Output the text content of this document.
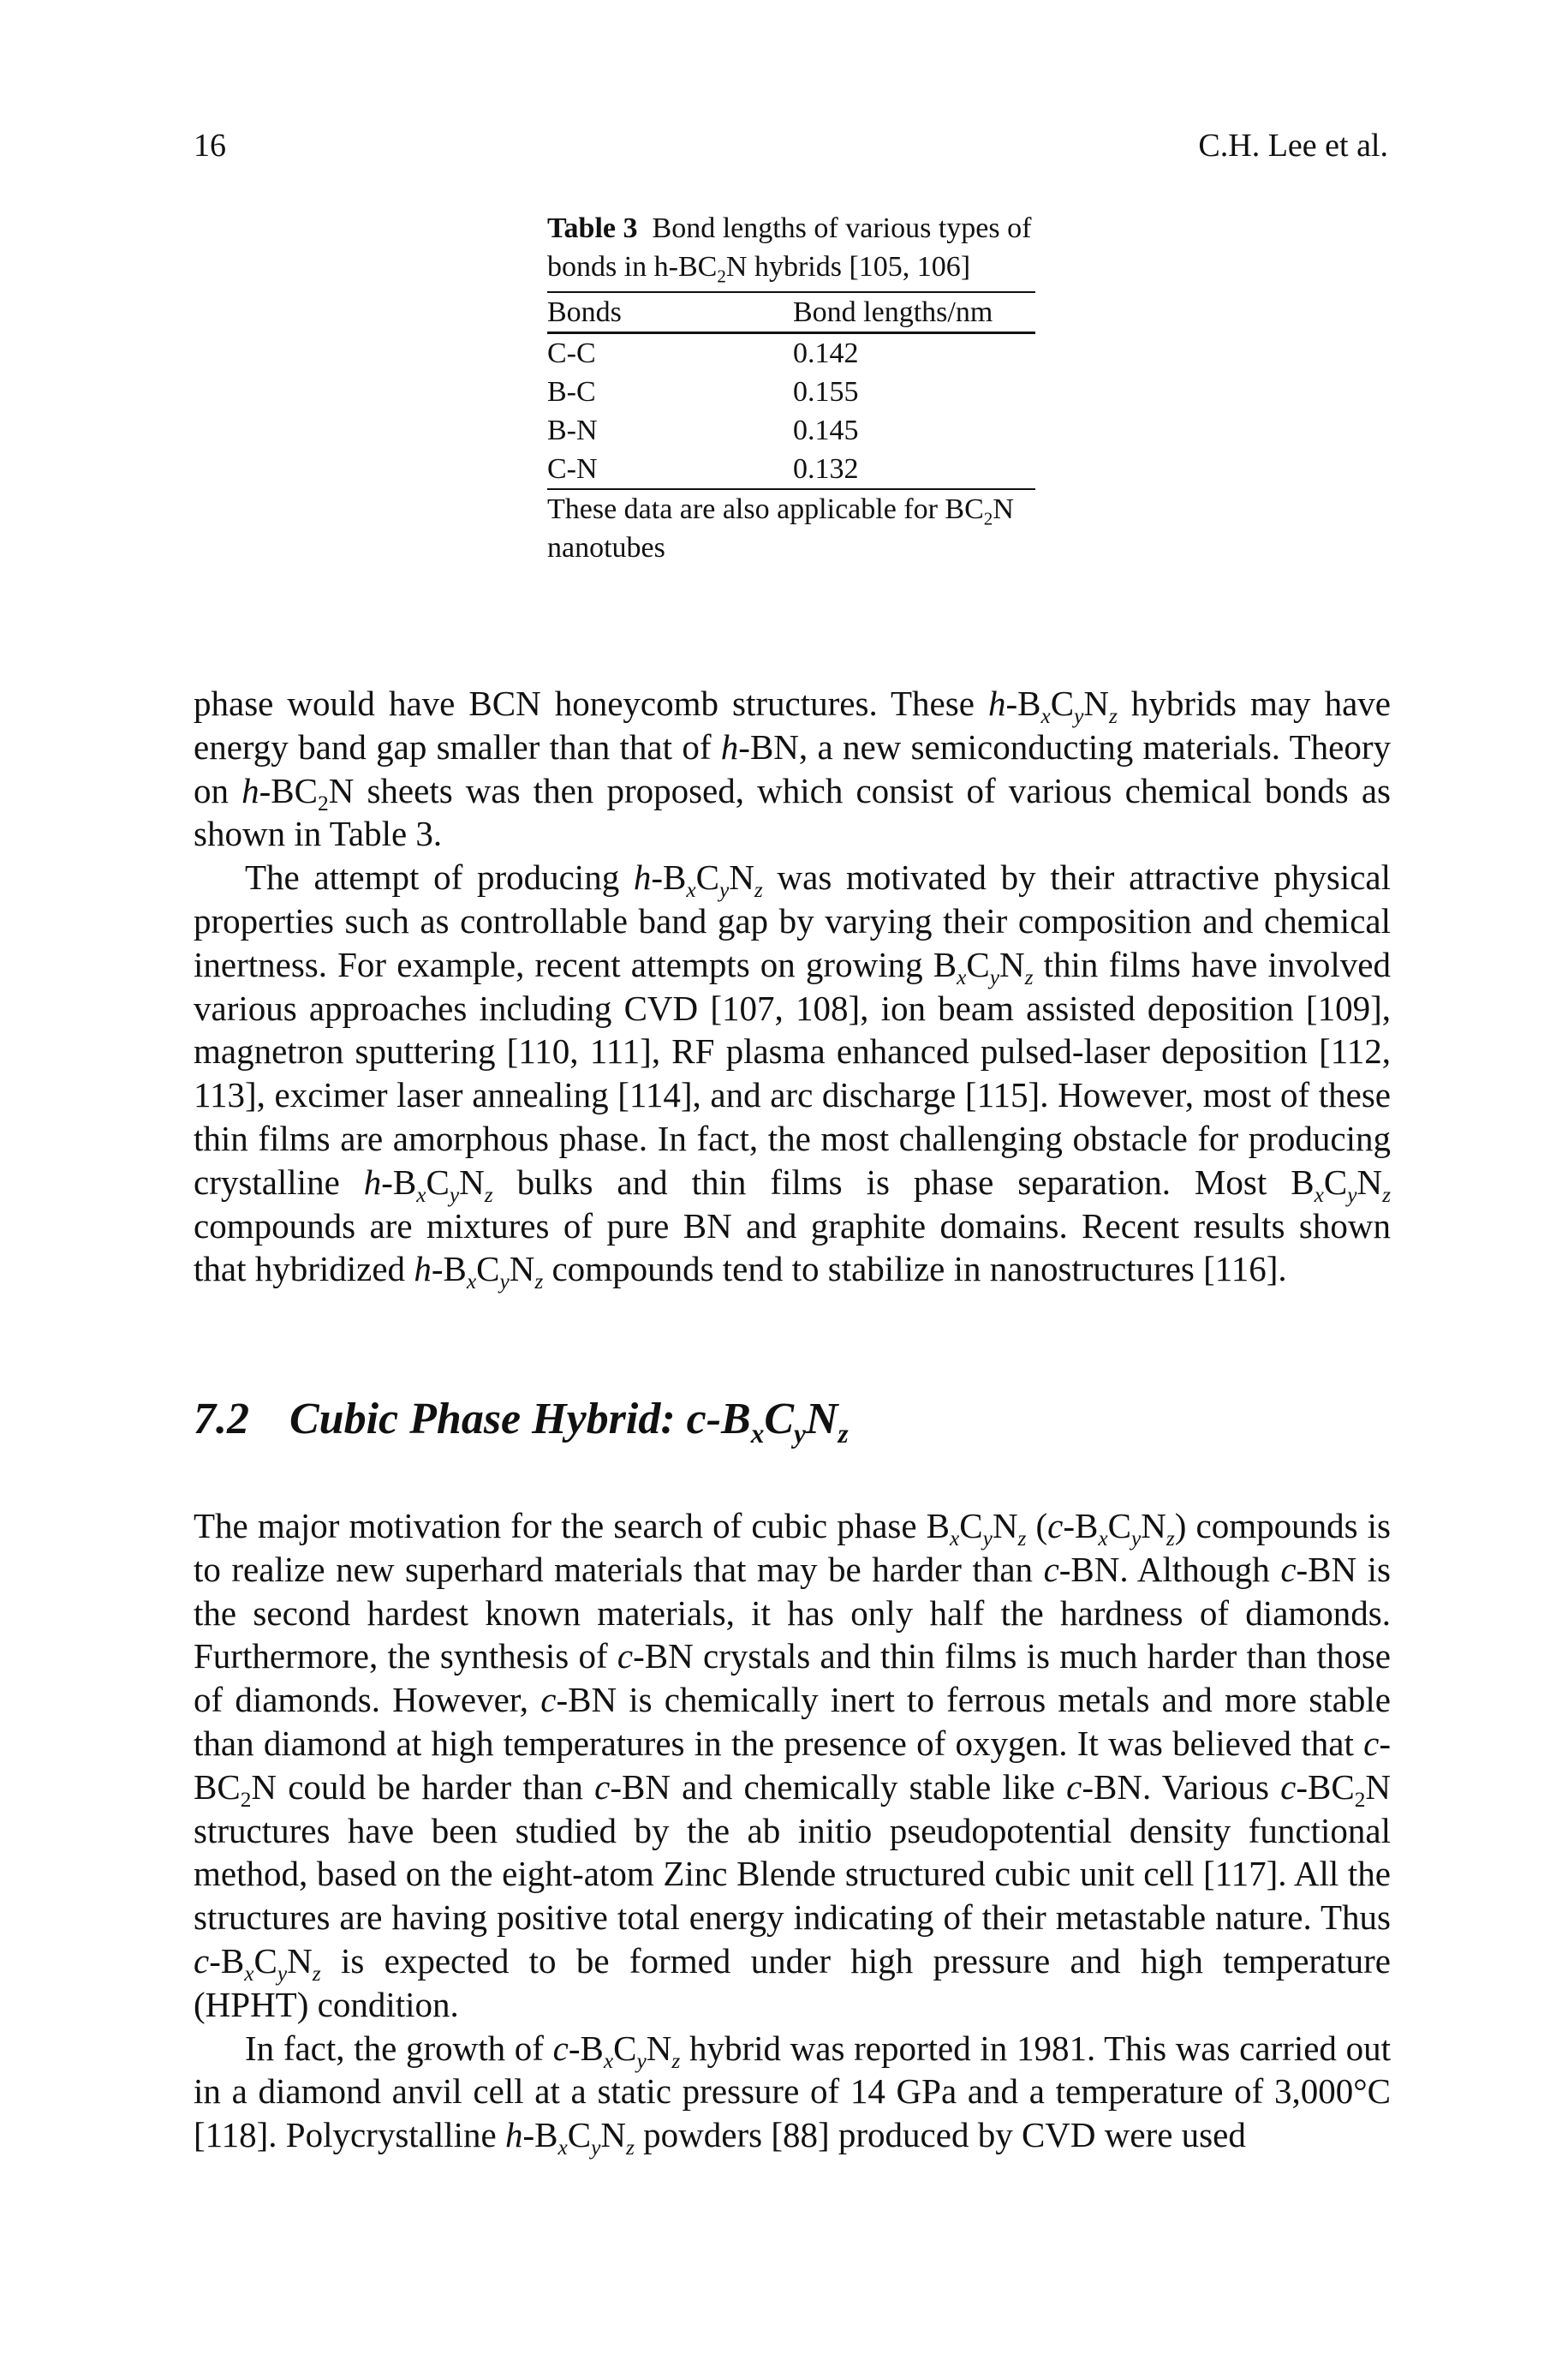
16	C.H. Lee et al.

Table 3 Bond lengths of various types of bonds in $h-BC_2N$ hybrids [105, 106]

Bonds	Bond lengths/nm

C-C	0.142
B-C	0.155
B-N	0.145
C-N	0.132

These data are also applicable for $BC_2N$ nanotubes

phase would have BCN honeycomb structures. These $h-B_xC_yN_z$ hybrids may have energy band gap smaller than that of h-BN, a new semiconducting materials. Theory on $h-BC_2N$ sheets was then proposed, which consist of various chemical bonds as shown in Table 3.

The attempt of producing $h-B_xC_yN_z$ was motivated by their attractive physical properties such as controllable band gap by varying their composition and chemical inertness. For example, recent attempts on growing $B_xC_yN_z$ thin films have involved various approaches including CVD [107, 108], ion beam assisted deposition [109], magnetron sputtering [110, 111], RF plasma enhanced pulsed-laser deposition [112, 113], excimer laser annealing [114], and arc discharge [115]. However, most of these thin films are amorphous phase. In fact, the most challenging obstacle for producing crystalline $h-B_xC_yN_z$ bulks and thin films is phase separation. Most $B_xC_yN_z$ compounds are mixtures of pure BN and graphite domains. Recent results shown that hybridized $h-B_xC_yN_z$ compounds tend to stabilize in nanostructures [116].

7.2 Cubic Phase Hybrid: $c-B_xC_yN_z$

The major motivation for the search of cubic phase $B_xC_yN_z$ $(c-B_xC_yN_z)$ compounds is to realize new superhard materials that may be harder than c-BN. Although c-BN is the second hardest known materials, it has only half the hardness of diamonds. Furthermore, the synthesis of c-BN crystals and thin films is much harder than those of diamonds. However, c-BN is chemically inert to ferrous metals and more stable than diamond at high temperatures in the presence of oxygen. It was believed that $c-BC_2N$ could be harder than c-BN and chemically stable like c-BN. Various $c-BC_2N$ structures have been studied by the ab initio pseudopotential density functional method, based on the eight-atom Zinc Blende structured cubic unit cell [117]. All the structures are having positive total energy indicating of their metastable nature. Thus $c-B_xC_yN_z$ is expected to be formed under high pressure and high temperature (HPHT) condition.

In fact, the growth of $c-B_xC_yN_z$ hybrid was reported in 1981. This was carried out in a diamond anvil cell at a static pressure of 14 GPa and a temperature of 3,000°C [118]. Polycrystalline $h-B_xC_yN_z$ powders [88] produced by CVD were used
